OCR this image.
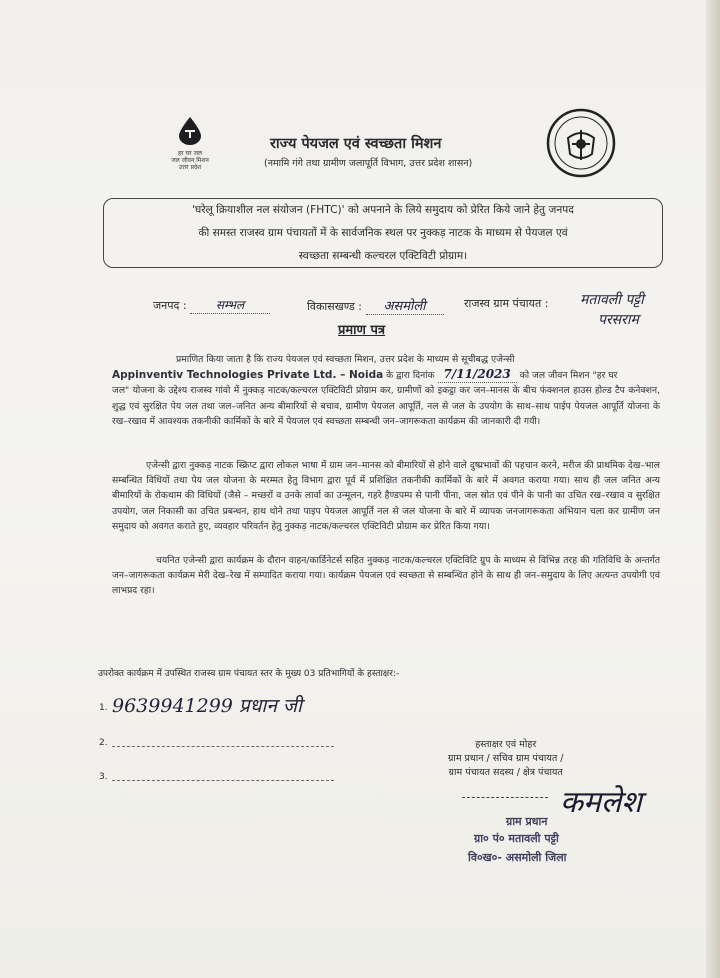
हर घर जल
जल जीवन मिशन
उत्तर प्रदेश
राज्य पेयजल एवं स्वच्छता मिशन
(नमामि गंगे तथा ग्रामीण जलापूर्ति विभाग, उत्तर प्रदेश शासन)
'घरेलू क्रियाशील नल संयोजन (FHTC)' को अपनाने के लिये समुदाय को प्रेरित किये जाने हेतु जनपद
की समस्त राजस्व ग्राम पंचायतों में के सार्वजनिक स्थल पर नुक्कड़ नाटक के माध्यम से पेयजल एवं
स्वच्छता सम्बन्धी कल्चरल एक्टिविटी प्रोग्राम।
जनपद : सम्भल	विकासखण्ड : असमोली	राजस्व ग्राम पंचायत : मतावली पट्टी
परसराम
प्रमाण पत्र
प्रमाणित किया जाता है कि राज्य पेयजल एवं स्वच्छता मिशन, उत्तर प्रदेश के माध्यम से सूचीबद्ध एजेन्सी
Appinventiv Technologies Private Ltd. – Noida के द्वारा दिनांक 7/11/2023 को जल जीवन मिशन "हर घर
जल" योजना के उद्देश्य राजस्व गांवो में नुक्कड़ नाटक/कल्चरल एक्टिविटी प्रोग्राम कर, ग्रामीणों को इकट्ठा कर जन–मानस के बीच फंक्शनल हाउस होल्ड टैप कनेक्शन, शुद्ध एवं सुरक्षित पेय जल तथा जल–जनित अन्य बीमारियों से बचाव, ग्रामीण पेयजल आपूर्ति, नल से जल के उपयोग के साथ–साथ पाईप पेयजल आपूर्ति योजना के रख–रखाव में आवश्यक तकनीकी कार्मिकों के बारे में पेयजल एवं स्वच्छता सम्बन्धी जन–जागरूकता कार्यक्रम की जानकारी दी गयी।
एजेन्सी द्वारा नुक्कड़ नाटक स्क्रिप्ट द्वारा लोकल भाषा में ग्राम जन–मानस को बीमारियों से होने वाले दुष्प्रभावों की पहचान करने, मरीज की प्राथमिक देख–भाल सम्बन्धित विधियों तथा पेय जल योजना के मरम्मत हेतु विभाग द्वारा पूर्व में प्रशिक्षित तकनीकी कार्मिकों के बारे में अवगत कराया गया। साथ ही जल जनित अन्य बीमारियों के रोकथाम की विधियों (जैसे – मच्छरों व उनके लार्वा का उन्मूलन, गहरे हैण्डपम्प से पानी पीना, जल स्रोत एवं पीने के पानी का उचित रख–रखाव व सुरक्षित उपयोग, जल निकासी का उचित प्रबन्धन, हाथ धोने तथा पाइप पेयजल आपूर्ति नल से जल योजना के बारे में व्यापक जनजागरूकता अभियान चला कर ग्रामीण जन समुदाय को अवगत कराते हुए, व्यवहार परिवर्तन हेतु नुक्कड़ नाटक/कल्चरल एक्टिविटी प्रोग्राम कर प्रेरित किया गया।
चयनित एजेन्सी द्वारा कार्यक्रम के दौरान वाहन/कार्डिनेटर्स सहित नुक्कड़ नाटक/कल्चरल एक्टिविटि ग्रुप के माध्यम से विभिन्न तरह की गतिविधि के अन्तर्गत जन–जागरूकता कार्यक्रम मेरी देख–रेख में सम्पादित कराया गया। कार्यक्रम पेयजल एवं स्वच्छता से सम्बन्धित होने के साथ ही जन–समुदाय के लिए अत्यन्त उपयोगी एवं लाभप्रद रहा।
उपरोक्त कार्यक्रम में उपस्थित राजस्व ग्राम पंचायत स्तर के मुख्य 03 प्रतिभागियों के हस्ताक्षर:-
1. 9639941299 प्रधान जी
2.
3.
हस्ताक्षर एवं मोहर
ग्राम प्रधान / सचिव ग्राम पंचायत /
ग्राम पंचायत सदस्य / क्षेत्र पंचायत
कमलेश
ग्राम प्रधान
ग्रा० पं० मतावली पट्टी
वि०ख०- असमोली जिला
